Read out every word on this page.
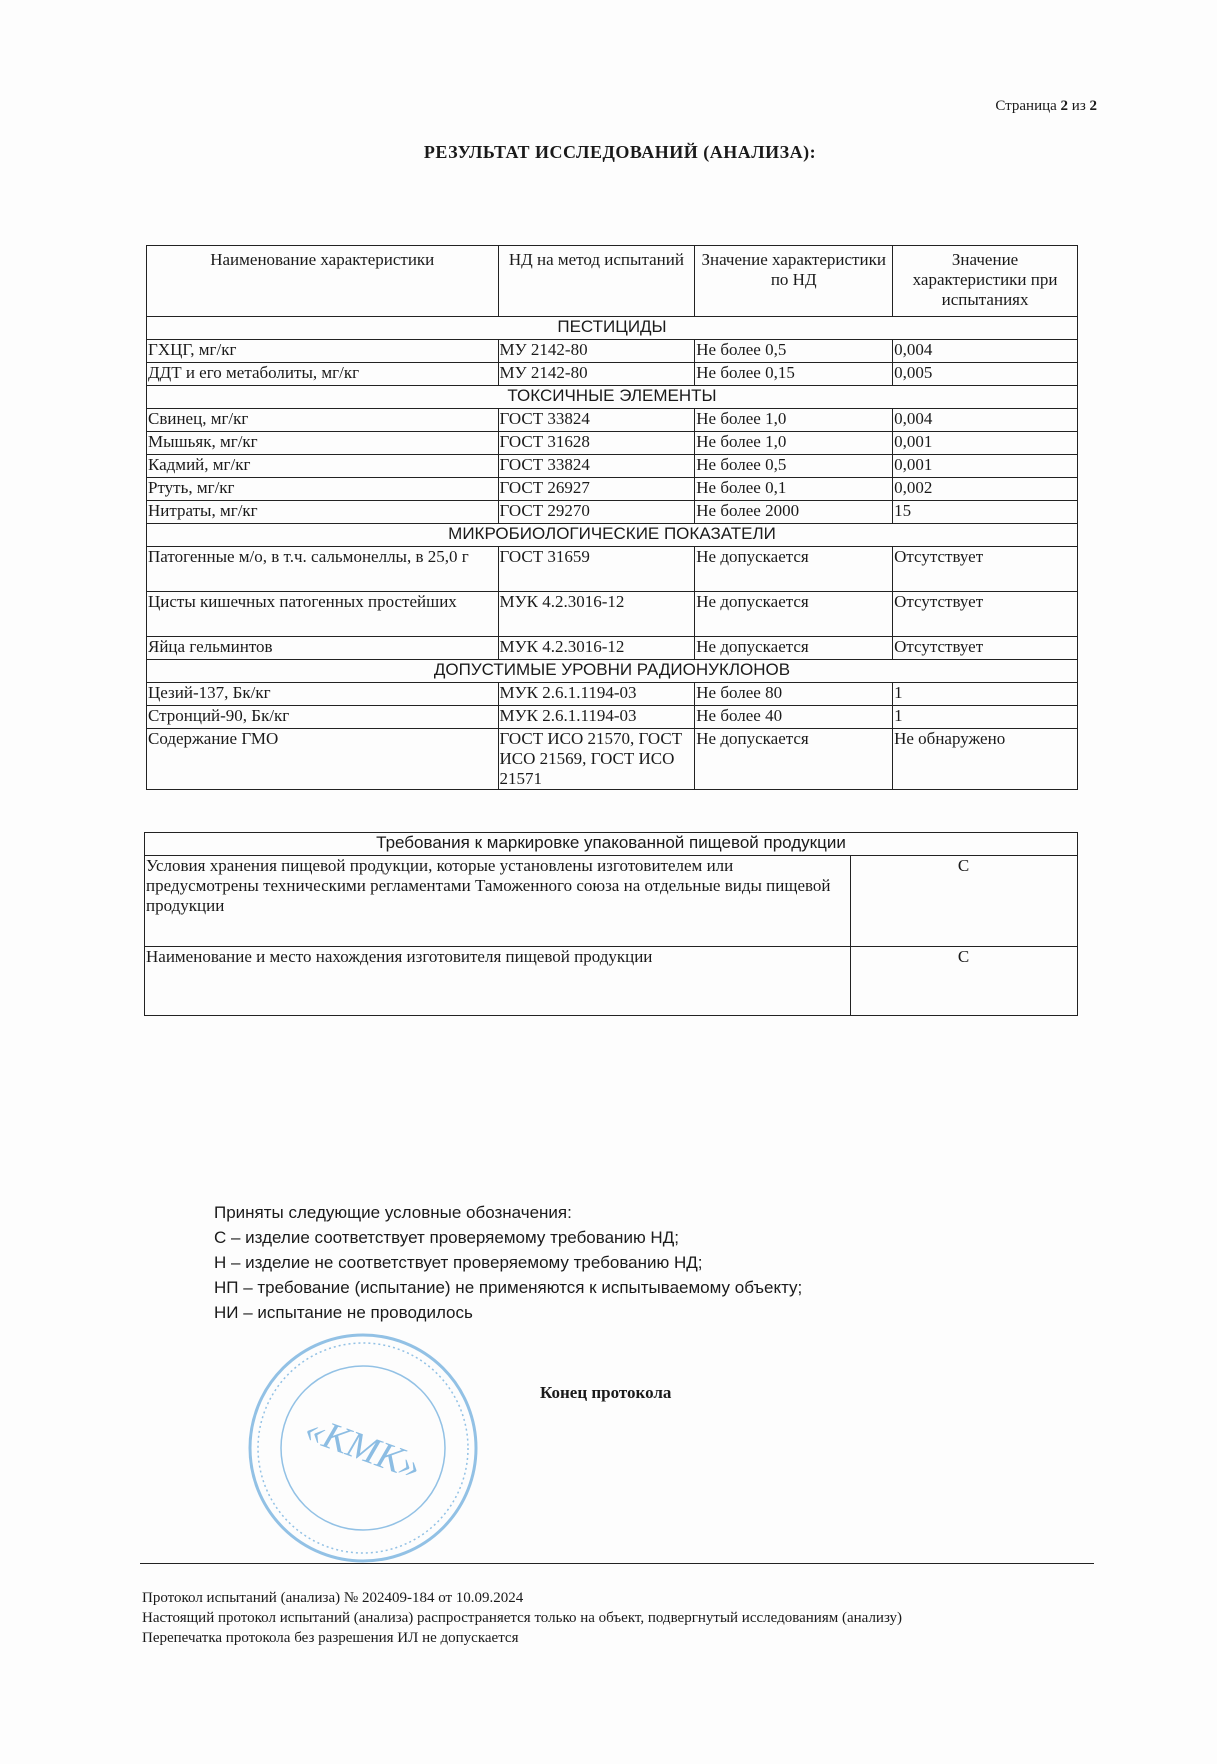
Страница 2 из 2
РЕЗУЛЬТАТ ИССЛЕДОВАНИЙ (АНАЛИЗА):
Наименование характеристики	НД на метод испытаний	Значение характеристики по НД	Значение характеристики при испытаниях
ПЕСТИЦИДЫ			
ГХЦГ, мг/кг	МУ 2142-80	Не более 0,5	0,004
ДДТ и его метаболиты, мг/кг	МУ 2142-80	Не более 0,15	0,005
ТОКСИЧНЫЕ ЭЛЕМЕНТЫ			
Свинец, мг/кг	ГОСТ 33824	Не более 1,0	0,004
Мышьяк, мг/кг	ГОСТ 31628	Не более 1,0	0,001
Кадмий, мг/кг	ГОСТ 33824	Не более 0,5	0,001
Ртуть, мг/кг	ГОСТ 26927	Не более 0,1	0,002
Нитраты, мг/кг	ГОСТ 29270	Не более 2000	15
МИКРОБИОЛОГИЧЕСКИЕ ПОКАЗАТЕЛИ			
Патогенные м/о, в т.ч. сальмонеллы, в 25,0 г	ГОСТ 31659	Не допускается	Отсутствует
Цисты кишечных патогенных простейших	МУК 4.2.3016-12	Не допускается	Отсутствует
Яйца гельминтов	МУК 4.2.3016-12	Не допускается	Отсутствует
ДОПУСТИМЫЕ УРОВНИ РАДИОНУКЛОНОВ			
Цезий-137, Бк/кг	МУК 2.6.1.1194-03	Не более 80	1
Стронций-90, Бк/кг	МУК 2.6.1.1194-03	Не более 40	1
Содержание ГМО	ГОСТ ИСО 21570, ГОСТ ИСО 21569, ГОСТ ИСО 21571	Не допускается	Не обнаружено
Требования к маркировке упакованной пищевой продукции	
Условия хранения пищевой продукции, которые установлены изготовителем или предусмотрены техническими регламентами Таможенного союза на отдельные виды пищевой продукции	С
Наименование и место нахождения изготовителя пищевой продукции	С
Приняты следующие условные обозначения:
С – изделие соответствует проверяемому требованию НД;
Н – изделие не соответствует проверяемому требованию НД;
НП – требование (испытание) не применяются к испытываемому объекту;
НИ – испытание не проводилось
«КМК»
Конец протокола
Протокол испытаний (анализа) № 202409-184 от 10.09.2024
Настоящий протокол испытаний (анализа) распространяется только на объект, подвергнутый исследованиям (анализу)
Перепечатка протокола без разрешения ИЛ не допускается
